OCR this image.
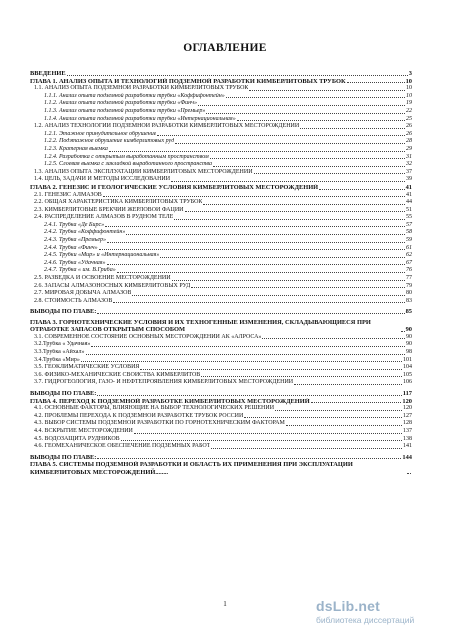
ОГЛАВЛЕНИЕ
ВВЕДЕНИЕ	3
ГЛАВА 1. АНАЛИЗ ОПЫТА И ТЕХНОЛОГИЙ ПОДЗЕМНОЙ РАЗРАБОТКИ КИМБЕРЛИТОВЫХ ТРУБОК	10
1.1. АНАЛИЗ ОПЫТА ПОДЗЕМНОЙ РАЗРАБОТКИ КИМБЕРЛИТОВЫХ ТРУБОК	10
1.1.1. Анализ опыта подземной разработки трубки «Коффифонтейн»	10
1.1.2. Анализ опыта подземной разработки трубки «Финч»	19
1.1.3. Анализ опыта подземной разработки трубки «Премьер»	22
1.1.4. Анализ опыта подземной разработки трубки «Интернациональная»	25
1.2. АНАЛИЗ ТЕХНОЛОГИЙ ПОДЗЕМНОЙ РАЗРАБОТКИ КИМБЕРЛИТОВЫХ МЕСТОРОЖДЕНИЙ	26
1.2.1. Этажное принудительное обрушение	26
1.2.2. Подэтажное обрушение кимберлитовых руд	28
1.2.3. Кратерная выемка	29
1.2.4. Разработка с открытым выработанным пространством	31
1.2.5. Слоевая выемка с закладкой выработанного пространства	32
1.3. АНАЛИЗ ОПЫТА ЭКСПЛУАТАЦИИ КИМБЕРЛИТОВЫХ МЕСТОРОЖДЕНИЙ	37
1.4. ЦЕЛЬ, ЗАДАЧИ И МЕТОДЫ ИССЛЕДОВАНИЙ	39
ГЛАВА 2. ГЕНЕЗИС И ГЕОЛОГИЧЕСКИЕ УСЛОВИЯ КИМБЕРЛИТОВЫХ МЕСТОРОЖДЕНИЙ	41
2.1. ГЕНЕЗИС АЛМАЗОВ	41
2.2. ОБЩАЯ ХАРАКТЕРИСТИКА КИМБЕРЛИТОВЫХ ТРУБОК	44
2.3. КИМБЕРЛИТОВЫЕ БРЕКЧИИ ЖЕРЛОВОЙ ФАЦИИ	51
2.4. РАСПРЕДЕЛЕНИЕ АЛМАЗОВ В РУДНОМ ТЕЛЕ	55
2.4.1. Трубка «Де Бирс»	57
2.4.2. Трубка «Коффифонтейн»	58
2.4.3. Трубка «Премьер»	59
2.4.4. Трубка «Финч»	61
2.4.5. Трубки «Мир» и «Интернациональная»	62
2.4.6. Трубка «Удачная»	67
2.4.7. Трубка « им. В.Гриба»	76
2.5. РАЗВЕДКА И ОСВОЕНИЕ МЕСТОРОЖДЕНИЙ	77
2.6. ЗАПАСЫ АЛМАЗОНОСНЫХ КИМБЕРЛИТОВЫХ РУД	79
2.7. МИРОВАЯ ДОБЫЧА АЛМАЗОВ	80
2.8. СТОИМОСТЬ АЛМАЗОВ	83
ВЫВОДЫ ПО ГЛАВЕ:	85
ГЛАВА 3. ГОРНОТЕХНИЧЕСКИЕ УСЛОВИЯ И ИХ ТЕХНОГЕННЫЕ ИЗМЕНЕНИЯ, СКЛАДЫВАЮЩИЕСЯ ПРИ ОТРАБОТКЕ ЗАПАСОВ ОТКРЫТЫМ СПОСОБОМ	90
3.1. СОВРЕМЕННОЕ СОСТОЯНИЕ ОСНОВНЫХ МЕСТОРОЖДЕНИЙ АК «АЛРОСА»	90
3.2.Трубка « Удачная»	90
3.3.Трубка «Айхал»	98
3.4.Трубка «Мир»	101
3.5. ГЕОКЛИМАТИЧЕСКИЕ УСЛОВИЯ	104
3.6. ФИЗИКО-МЕХАНИЧЕСКИЕ СВОЙСТВА КИМБЕРЛИТОВ	105
3.7. ГИДРОГЕОЛОГИЯ, ГАЗО- И НЕФТЕПРОЯВЛЕНИЯ КИМБЕРЛИТОВЫХ МЕСТОРОЖДЕНИЙ	106
ВЫВОДЫ ПО ГЛАВЕ:	117
ГЛАВА 4. ПЕРЕХОД К ПОДЗЕМНОЙ РАЗРАБОТКЕ КИМБЕРЛИТОВЫХ МЕСТОРОЖДЕНИЙ	120
4.1. ОСНОВНЫЕ ФАКТОРЫ, ВЛИЯЮЩИЕ НА ВЫБОР ТЕХНОЛОГИЧЕСКИХ РЕШЕНИЙ	120
4.2. ПРОБЛЕМЫ ПЕРЕХОДА К ПОДЗЕМНОЙ РАЗРАБОТКЕ ТРУБОК РОССИИ	127
4.3. ВЫБОР СИСТЕМЫ ПОДЗЕМНОЙ РАЗРАБОТКИ ПО ГОРНОТЕХНИЧЕСКИМ ФАКТОРАМ	128
4.4. ВСКРЫТИЕ МЕСТОРОЖДЕНИЙ	137
4.5. ВОДОЗАЩИТА РУДНИКОВ	138
4.6. ГЕОМЕХАНИЧЕСКОЕ ОБЕСПЕЧЕНИЕ ПОДЗЕМНЫХ РАБОТ	141
ВЫВОДЫ ПО ГЛАВЕ:	144
ГЛАВА 5. СИСТЕМЫ ПОДЗЕМНОЙ РАЗРАБОТКИ И ОБЛАСТЬ ИХ ПРИМЕНЕНИЯ ПРИ ЭКСПЛУАТАЦИИ КИМБЕРЛИТОВЫХ МЕСТОРОЖДЕНИЙ........
1	dsLib.net
библиотека диссертаций
